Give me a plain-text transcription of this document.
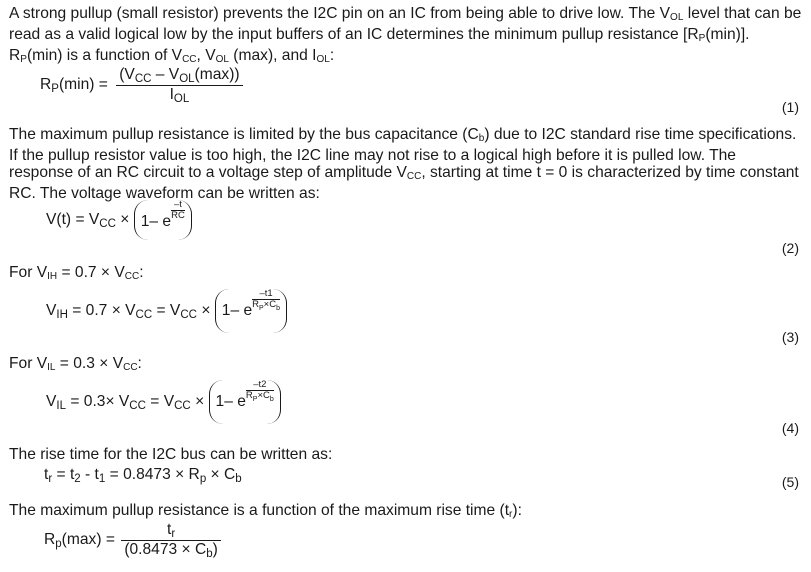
A strong pullup (small resistor) prevents the I2C pin on an IC from being able to drive low. The $V_{OL}$ level that can be read as a valid logical low by the input buffers of an IC determines the minimum pullup resistance $[R_P(\min)]$. $R_P(\min)$ is a function of $V_{CC}$, $V_{OL}$ (max), and $I_{OL}$:
$R_P(\min) = \frac{(V_{CC} - V_{OL}(\max))}{I_{OL}}$
(1)
The maximum pullup resistance is limited by the bus capacitance $(C_b)$ due to I2C standard rise time specifications. If the pullup resistor value is too high, the I2C line may not rise to a logical high before it is pulled low. The response of an RC circuit to a voltage step of amplitude $V_{CC}$, starting at time t = 0 is characterized by time constant RC. The voltage waveform can be written as:
$V(t) = V_{CC} \times 1-$ e
$\frac{-t}{RC}$
(2)
For $V_{IH} = 0.7 \times V_{CC}$:
$V_{IH} = 0.7 \times V_{CC} = V_{CC} \times 1-$ e $\frac{-t1}{R_P\times C_b}$
(3)
For $V_{IL} = 0.3 \times V_{CC}$:
$V_{IL} = 0.3\times V_{CC} = V_{CC} \times 1-$ e $\frac{-t2}{R_P\times C_b}$
(4)
The rise time for the I2C bus can be written as:
$t_r = t_2 - t_1 = 0.8473 \times R_p \times C_b$	(5)
The maximum pullup resistance is a function of the maximum rise time $(t_r)$:
$R_p(\max) = \frac{t_r}{(0.8473 \times C_b)}$
